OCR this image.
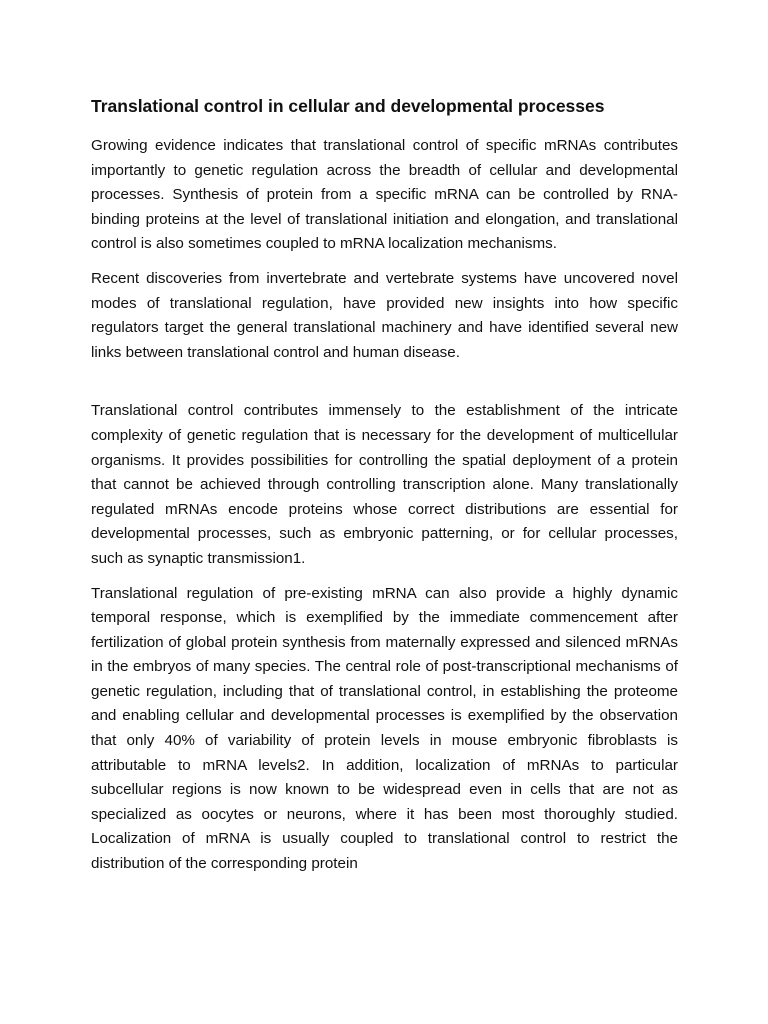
Translational control in cellular and developmental processes

Growing evidence indicates that translational control of specific mRNAs contributes importantly to genetic regulation across the breadth of cellular and developmental processes. Synthesis of protein from a specific mRNA can be controlled by RNA-binding proteins at the level of translational initiation and elongation, and translational control is also sometimes coupled to mRNA localization mechanisms.

Recent discoveries from invertebrate and vertebrate systems have uncovered novel modes of translational regulation, have provided new insights into how specific regulators target the general translational machinery and have identified several new links between translational control and human disease.

Translational control contributes immensely to the establishment of the intricate complexity of genetic regulation that is necessary for the development of multicellular organisms. It provides possibilities for controlling the spatial deployment of a protein that cannot be achieved through controlling transcription alone. Many translationally regulated mRNAs encode proteins whose correct distributions are essential for developmental processes, such as embryonic patterning, or for cellular processes, such as synaptic transmission1.

Translational regulation of pre-existing mRNA can also provide a highly dynamic temporal response, which is exemplified by the immediate commencement after fertilization of global protein synthesis from maternally expressed and silenced mRNAs in the embryos of many species. The central role of post-transcriptional mechanisms of genetic regulation, including that of translational control, in establishing the proteome and enabling cellular and developmental processes is exemplified by the observation that only 40% of variability of protein levels in mouse embryonic fibroblasts is attributable to mRNA levels2. In addition, localization of mRNAs to particular subcellular regions is now known to be widespread even in cells that are not as specialized as oocytes or neurons, where it has been most thoroughly studied. Localization of mRNA is usually coupled to translational control to restrict the distribution of the corresponding protein
